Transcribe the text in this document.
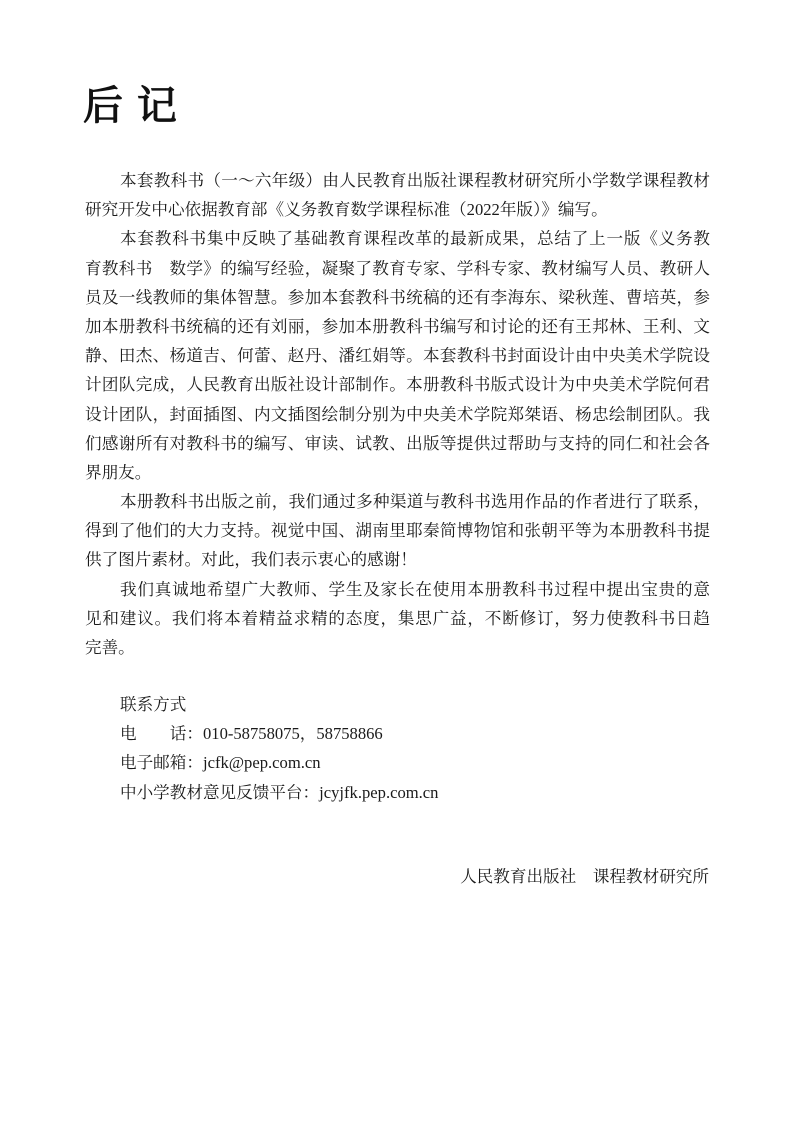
后 记
本套教科书（一～六年级）由人民教育出版社课程教材研究所小学数学课程教材
研究开发中心依据教育部《义务教育数学课程标准（2022年版）》编写。
本套教科书集中反映了基础教育课程改革的最新成果，总结了上一版《义务教
育教科书　数学》的编写经验，凝聚了教育专家、学科专家、教材编写人员、教研人
员及一线教师的集体智慧。参加本套教科书统稿的还有李海东、梁秋莲、曹培英，参
加本册教科书统稿的还有刘丽，参加本册教科书编写和讨论的还有王邦林、王利、文
静、田杰、杨道吉、何蕾、赵丹、潘红娟等。本套教科书封面设计由中央美术学院设
计团队完成，人民教育出版社设计部制作。本册教科书版式设计为中央美术学院何君
设计团队，封面插图、内文插图绘制分别为中央美术学院郑桀语、杨忠绘制团队。我
们感谢所有对教科书的编写、审读、试教、出版等提供过帮助与支持的同仁和社会各
界朋友。
本册教科书出版之前，我们通过多种渠道与教科书选用作品的作者进行了联系，
得到了他们的大力支持。视觉中国、湖南里耶秦简博物馆和张朝平等为本册教科书提
供了图片素材。对此，我们表示衷心的感谢！
我们真诚地希望广大教师、学生及家长在使用本册教科书过程中提出宝贵的意
见和建议。我们将本着精益求精的态度，集思广益，不断修订，努力使教科书日趋
完善。
联系方式
电　　话：010-58758075，58758866
电子邮箱：jcfk@pep.com.cn
中小学教材意见反馈平台：jcyjfk.pep.com.cn
人民教育出版社　课程教材研究所
